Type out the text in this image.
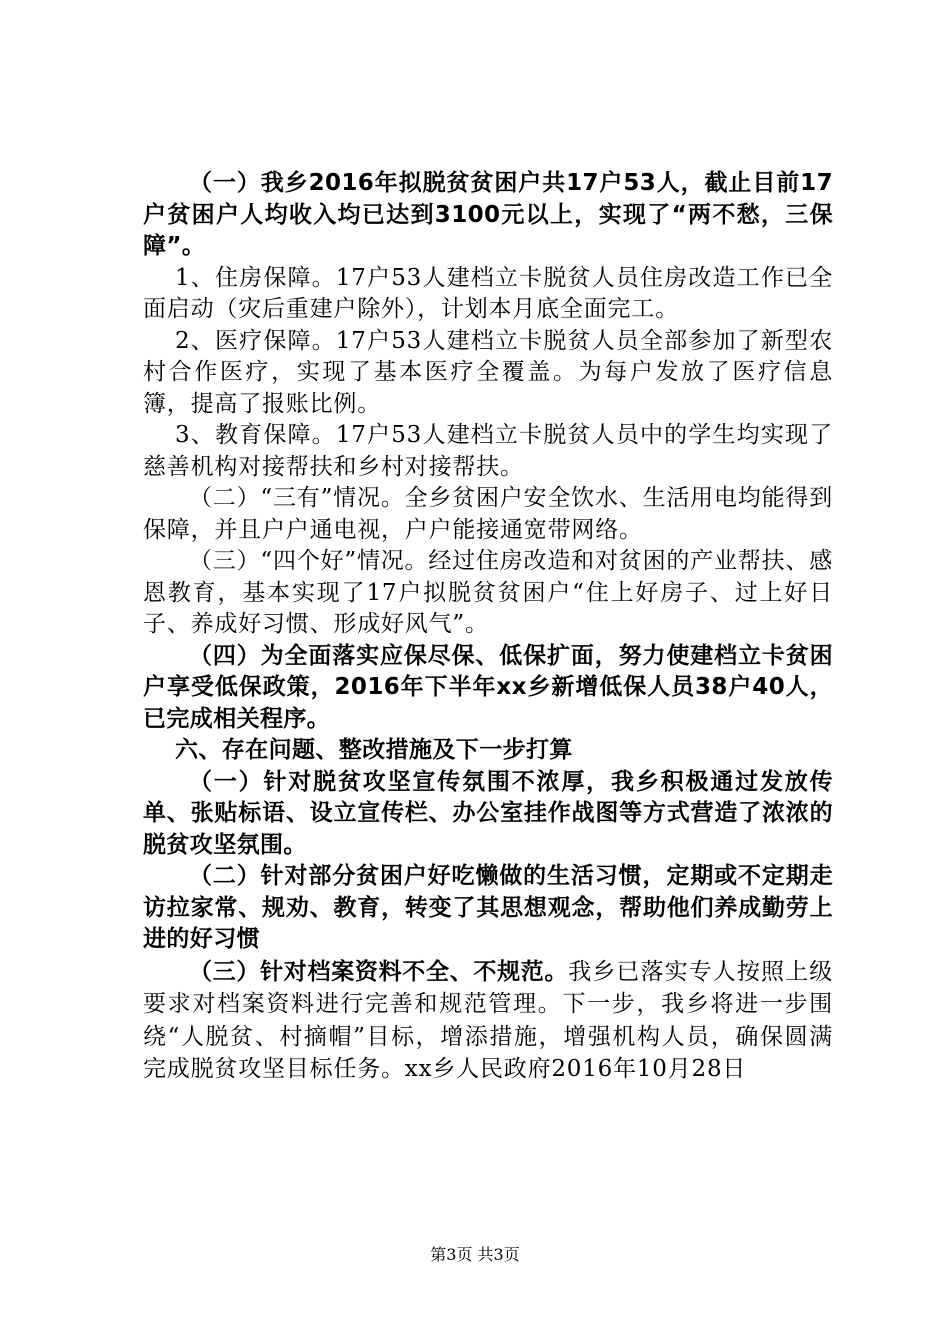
（一）我乡2016年拟脱贫贫困户共17户53人，截止目前17户贫困户人均收入均已达到3100元以上，实现了“两不愁，三保障”。

1、住房保障。17户53人建档立卡脱贫人员住房改造工作已全面启动（灾后重建户除外），计划本月底全面完工。

2、医疗保障。17户53人建档立卡脱贫人员全部参加了新型农村合作医疗，实现了基本医疗全覆盖。为每户发放了医疗信息簿，提高了报账比例。

3、教育保障。17户53人建档立卡脱贫人员中的学生均实现了慈善机构对接帮扶和乡村对接帮扶。

（二）“三有”情况。全乡贫困户安全饮水、生活用电均能得到保障，并且户户通电视，户户能接通宽带网络。

（三）“四个好”情况。经过住房改造和对贫困的产业帮扶、感恩教育，基本实现了17户拟脱贫贫困户“住上好房子、过上好日子、养成好习惯、形成好风气”。

（四）为全面落实应保尽保、低保扩面，努力使建档立卡贫困户享受低保政策，2016年下半年xx乡新增低保人员38户40人，已完成相关程序。

六、存在问题、整改措施及下一步打算

（一）针对脱贫攻坚宣传氛围不浓厚，我乡积极通过发放传单、张贴标语、设立宣传栏、办公室挂作战图等方式营造了浓浓的脱贫攻坚氛围。

（二）针对部分贫困户好吃懒做的生活习惯，定期或不定期走访拉家常、规劝、教育，转变了其思想观念，帮助他们养成勤劳上进的好习惯

（三）针对档案资料不全、不规范。我乡已落实专人按照上级要求对档案资料进行完善和规范管理。下一步，我乡将进一步围绕“人脱贫、村摘帽”目标，增添措施，增强机构人员，确保圆满完成脱贫攻坚目标任务。xx乡人民政府2016年10月28日

第3页 共3页
